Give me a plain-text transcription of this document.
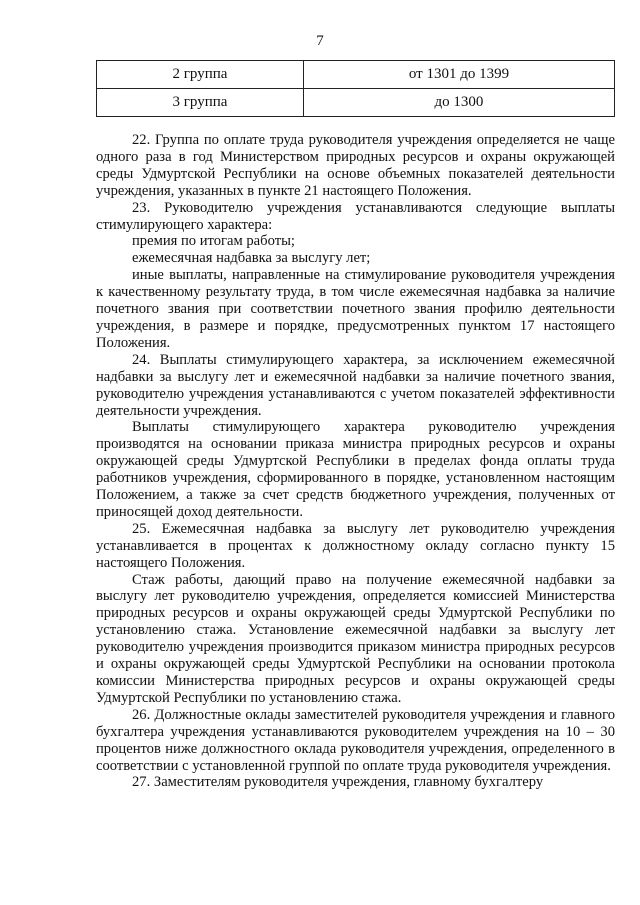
7
2 группа	от 1301 до 1399
3 группа	до 1300

22. Группа по оплате труда руководителя учреждения определяется не чаще одного раза в год Министерством природных ресурсов и охраны окружающей среды Удмуртской Республики на основе объемных показателей деятельности учреждения, указанных в пункте 21 настоящего Положения.

23. Руководителю учреждения устанавливаются следующие выплаты стимулирующего характера:

премия по итогам работы;

ежемесячная надбавка за выслугу лет;

иные выплаты, направленные на стимулирование руководителя учреждения к качественному результату труда, в том числе ежемесячная надбавка за наличие почетного звания при соответствии почетного звания профилю деятельности учреждения, в размере и порядке, предусмотренных пунктом 17 настоящего Положения.

24. Выплаты стимулирующего характера, за исключением ежемесячной надбавки за выслугу лет и ежемесячной надбавки за наличие почетного звания, руководителю учреждения устанавливаются с учетом показателей эффективности деятельности учреждения.

Выплаты стимулирующего характера руководителю учреждения производятся на основании приказа министра природных ресурсов и охраны окружающей среды Удмуртской Республики в пределах фонда оплаты труда работников учреждения, сформированного в порядке, установленном настоящим Положением, а также за счет средств бюджетного учреждения, полученных от приносящей доход деятельности.

25. Ежемесячная надбавка за выслугу лет руководителю учреждения устанавливается в процентах к должностному окладу согласно пункту 15 настоящего Положения.

Стаж работы, дающий право на получение ежемесячной надбавки за выслугу лет руководителю учреждения, определяется комиссией Министерства природных ресурсов и охраны окружающей среды Удмуртской Республики по установлению стажа. Установление ежемесячной надбавки за выслугу лет руководителю учреждения производится приказом министра природных ресурсов и охраны окружающей среды Удмуртской Республики на основании протокола комиссии Министерства природных ресурсов и охраны окружающей среды Удмуртской Республики по установлению стажа.

26. Должностные оклады заместителей руководителя учреждения и главного бухгалтера учреждения устанавливаются руководителем учреждения на 10 – 30 процентов ниже должностного оклада руководителя учреждения, определенного в соответствии с установленной группой по оплате труда руководителя учреждения.

27. Заместителям руководителя учреждения, главному бухгалтеру
